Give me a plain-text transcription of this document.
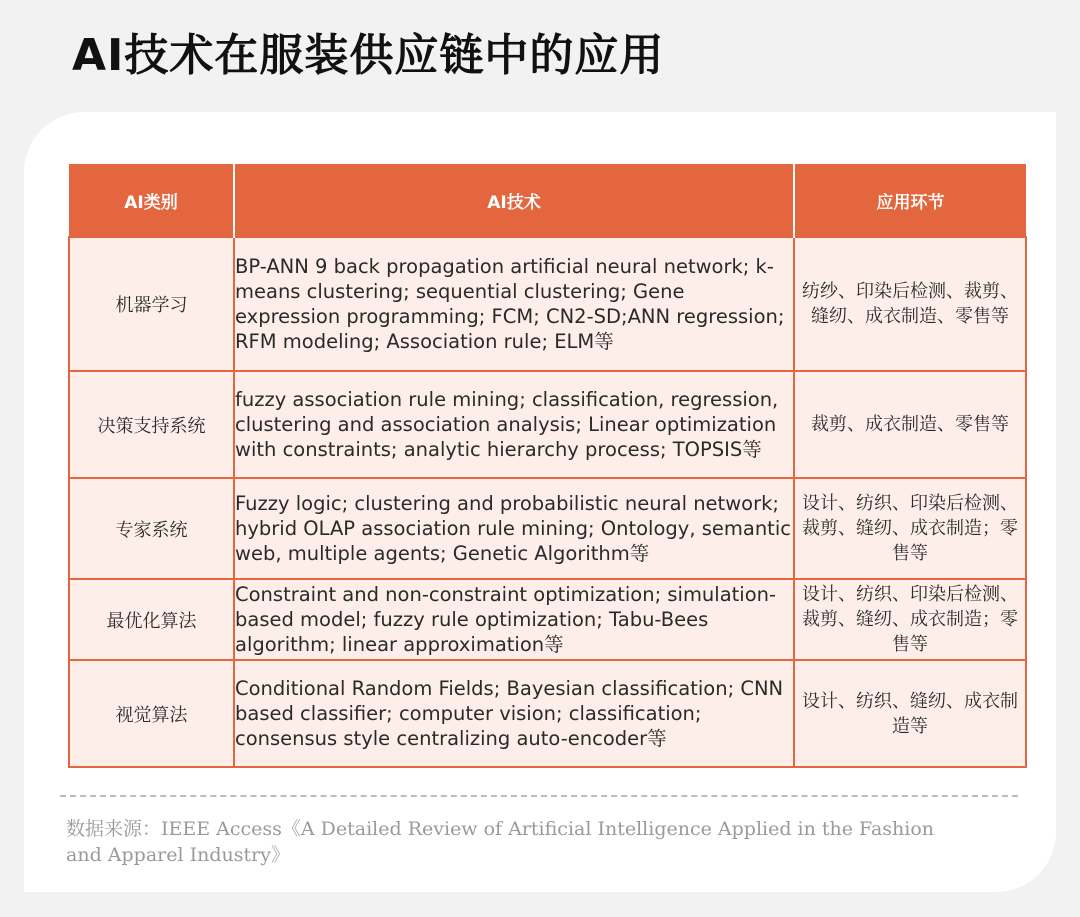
AI技术在服装供应链中的应用
AI类别	AI技术	应用环节
机器学习	BP-ANN 9 back propagation artificial neural network; k-means clustering; sequential clustering; Gene expression programming; FCM; CN2-SD;ANN regression; RFM modeling; Association rule; ELM等	纺纱、印染后检测、裁剪、缝纫、成衣制造、零售等
决策支持系统	fuzzy association rule mining; classification, regression, clustering and association analysis; Linear optimization with constraints; analytic hierarchy process; TOPSIS等	裁剪、成衣制造、零售等
专家系统	Fuzzy logic; clustering and probabilistic neural network; hybrid OLAP association rule mining; Ontology, semantic web, multiple agents; Genetic Algorithm等	设计、纺织、印染后检测、裁剪、缝纫、成衣制造；零售等
最优化算法	Constraint and non-constraint optimization; simulation-based model; fuzzy rule optimization; Tabu-Bees algorithm; linear approximation等	设计、纺织、印染后检测、裁剪、缝纫、成衣制造；零售等
视觉算法	Conditional Random Fields; Bayesian classification; CNN based classifier; computer vision; classification; consensus style centralizing auto-encoder等	设计、纺织、缝纫、成衣制造等

数据来源：IEEE Access《A Detailed Review of Artificial Intelligence Applied in the Fashion and Apparel Industry》
